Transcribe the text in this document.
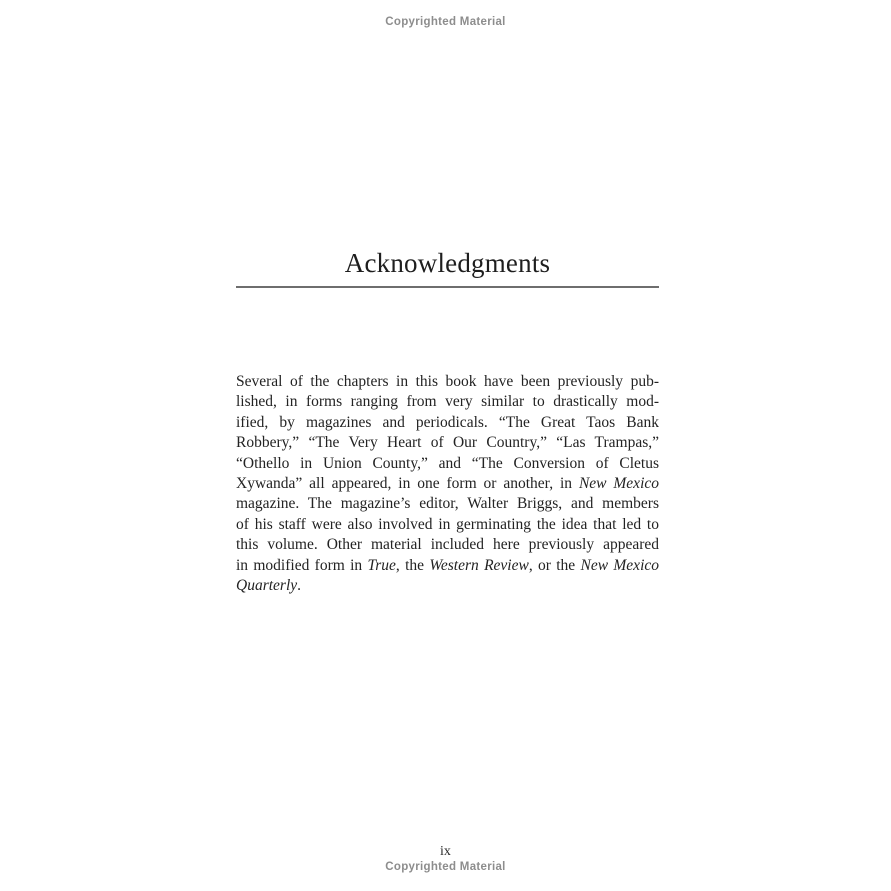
Copyrighted Material
Acknowledgments
Several of the chapters in this book have been previously pub-
lished, in forms ranging from very similar to drastically mod-
ified, by magazines and periodicals. “The Great Taos Bank
Robbery,” “The Very Heart of Our Country,” “Las Trampas,”
“Othello in Union County,” and “The Conversion of Cletus
Xywanda” all appeared, in one form or another, in New Mexico
magazine. The magazine’s editor, Walter Briggs, and members
of his staff were also involved in germinating the idea that led to
this volume. Other material included here previously appeared
in modified form in True, the Western Review, or the New Mexico
Quarterly.
ix
Copyrighted Material
